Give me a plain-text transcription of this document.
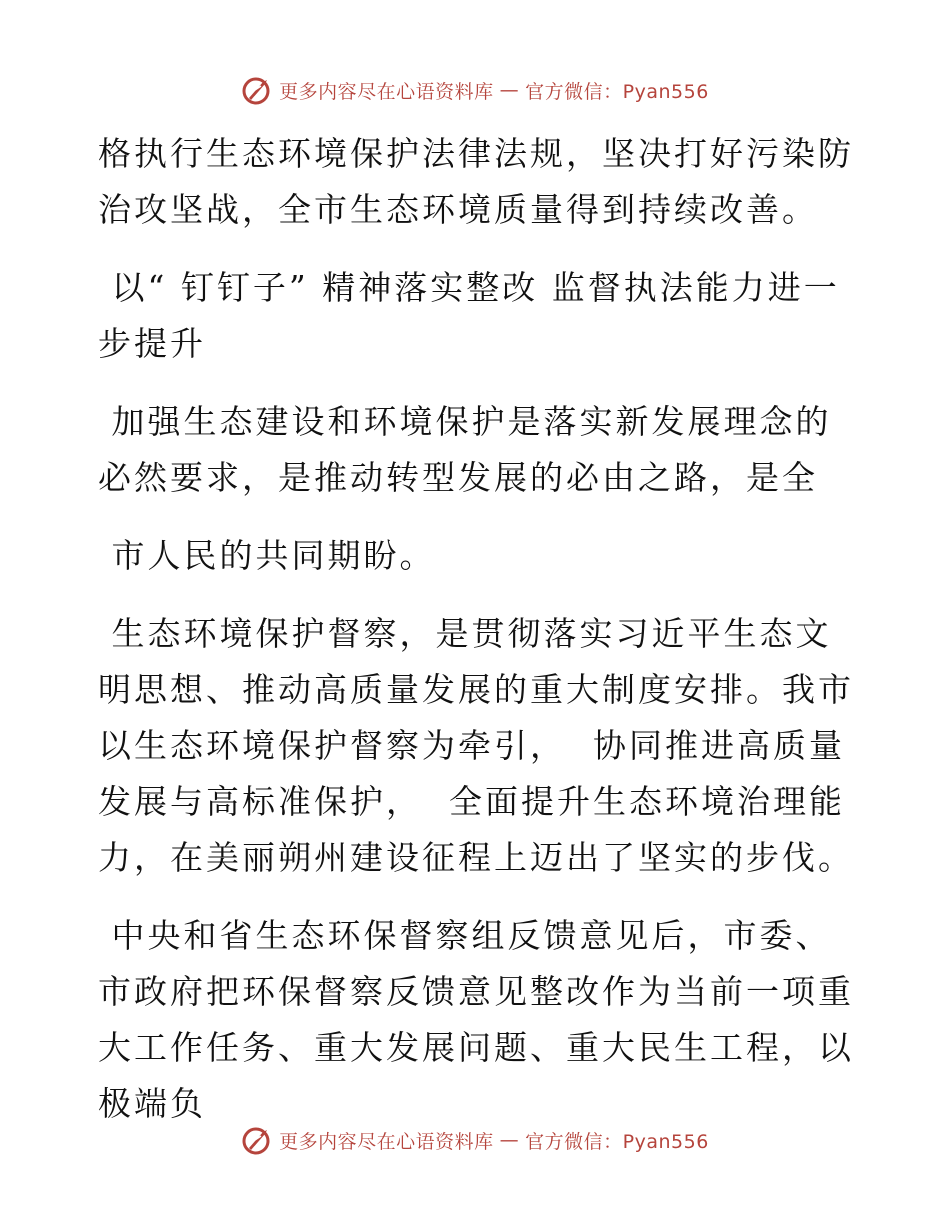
更多内容尽在心语资料库 — 官方微信：Pyan556

格执行生态环境保护法律法规，坚决打好污染防治攻坚战，全市生态环境质量得到持续改善。

以“ 钉钉子” 精神落实整改 监督执法能力进一步提升

加强生态建设和环境保护是落实新发展理念的必然要求，是推动转型发展的必由之路，是全

市人民的共同期盼。

生态环境保护督察，是贯彻落实习近平生态文明思想、推动高质量发展的重大制度安排。我市以生态环境保护督察为牵引，  协同推进高质量发展与高标准保护，  全面提升生态环境治理能力，在美丽朔州建设征程上迈出了坚实的步伐。

中央和省生态环保督察组反馈意见后，市委、市政府把环保督察反馈意见整改作为当前一项重大工作任务、重大发展问题、重大民生工程，以极端负

更多内容尽在心语资料库 — 官方微信：Pyan556
